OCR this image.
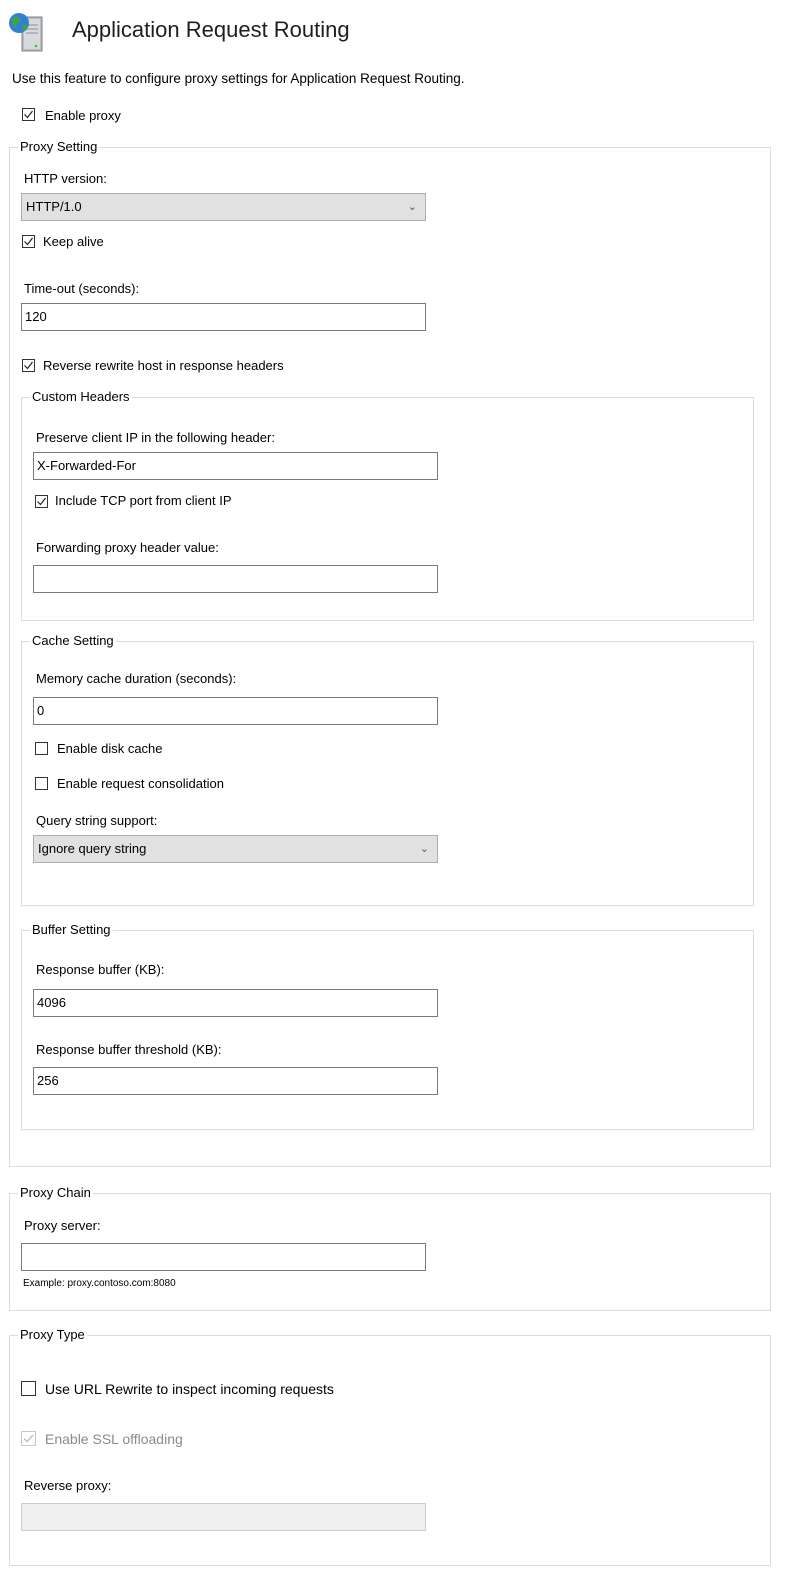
Application Request Routing
Use this feature to configure proxy settings for Application Request Routing.
Enable proxy
Proxy Setting
HTTP version:
HTTP/1.0	⌄
Keep alive
Time-out (seconds):
120
Reverse rewrite host in response headers
Custom Headers
Preserve client IP in the following header:
X-Forwarded-For
Include TCP port from client IP
Forwarding proxy header value:
Cache Setting
Memory cache duration (seconds):
0
Enable disk cache
Enable request consolidation
Query string support:
Ignore query string	⌄
Buffer Setting
Response buffer (KB):
4096
Response buffer threshold (KB):
256
Proxy Chain
Proxy server:
Example: proxy.contoso.com:8080
Proxy Type
Use URL Rewrite to inspect incoming requests
Enable SSL offloading
Reverse proxy:
